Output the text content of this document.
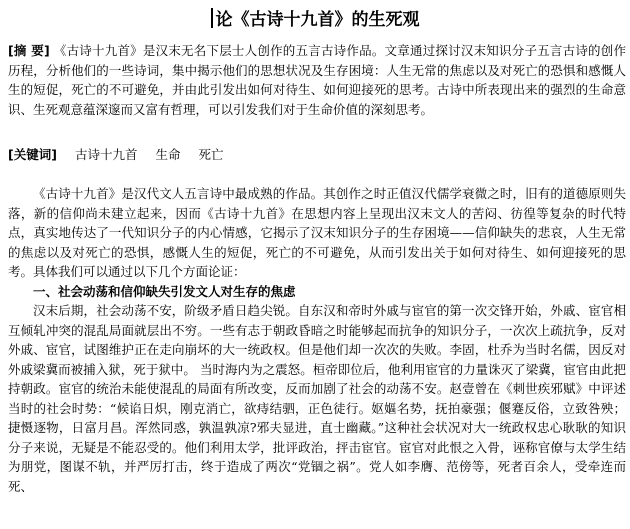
论《古诗十九首》的生死观

[摘 要] 《古诗十九首》是汉末无名下层士人创作的五言古诗作品。文章通过探讨汉末知识分子五言古诗的创作历程，分析他们的一些诗词，集中揭示他们的思想状况及生存困境：人生无常的焦虑以及对死亡的恐惧和感慨人生的短促，死亡的不可避免，并由此引发出如何对待生、如何迎接死的思考。古诗中所表现出来的强烈的生命意识、生死观意蕴深邃而又富有哲理，可以引发我们对于生命价值的深刻思考。

[关键词] 古诗十九首 生命 死亡

《古诗十九首》是汉代文人五言诗中最成熟的作品。其创作之时正值汉代儒学衰微之时，旧有的道德原则失落，新的信仰尚未建立起来，因而《古诗十九首》在思想内容上呈现出汉末文人的苦闷、彷徨等复杂的时代特点，真实地传达了一代知识分子的内心情感，它揭示了汉末知识分子的生存困境——信仰缺失的悲哀，人生无常的焦虑以及对死亡的恐惧，感慨人生的短促，死亡的不可避免，从而引发出关于如何对待生、如何迎接死的思考。具体我们可以通过以下几个方面论证：

一、社会动荡和信仰缺失引发文人对生存的焦虑

汉末后期，社会动荡不安，阶级矛盾日趋尖锐。自东汉和帝时外戚与宦官的第一次交锋开始，外戚、宦官相互倾轧冲突的混乱局面就层出不穷。一些有志于朝政昏暗之时能够起而抗争的知识分子，一次次上疏抗争，反对外戚、宦官，试图维护正在走向崩坏的大一统政权。但是他们却一次次的失败。李固，杜乔为当时名儒，因反对外戚梁冀而被捕入狱，死于狱中。 当时海内为之震怒。桓帝即位后，他利用宦官的力量诛灭了梁冀，宦官由此把持朝政。宦官的统治未能使混乱的局面有所改变，反而加剧了社会的动荡不安。赵壹曾在《刺世疾邪赋》中评述当时的社会时势：“候谄日炽，刚克消亡，欲痔结驷，正色徒行。妪嫗名势，抚拍豪强；偃蹇反俗，立致咎殃；捷慑逐物，日富月昌。浑然同惑，孰温孰凉?邪夫显进，直士幽藏。”这种社会状况对大一统政权忠心耿耿的知识分子来说，无疑是不能忍受的。他们利用太学，批评政治，抨击宦官。宦官对此恨之入骨，诬称官僚与太学生结为朋党，图谋不轨，并严厉打击，终于造成了两次“党锢之祸”。党人如李膺、范傍等，死者百余人，受牵连而死、
